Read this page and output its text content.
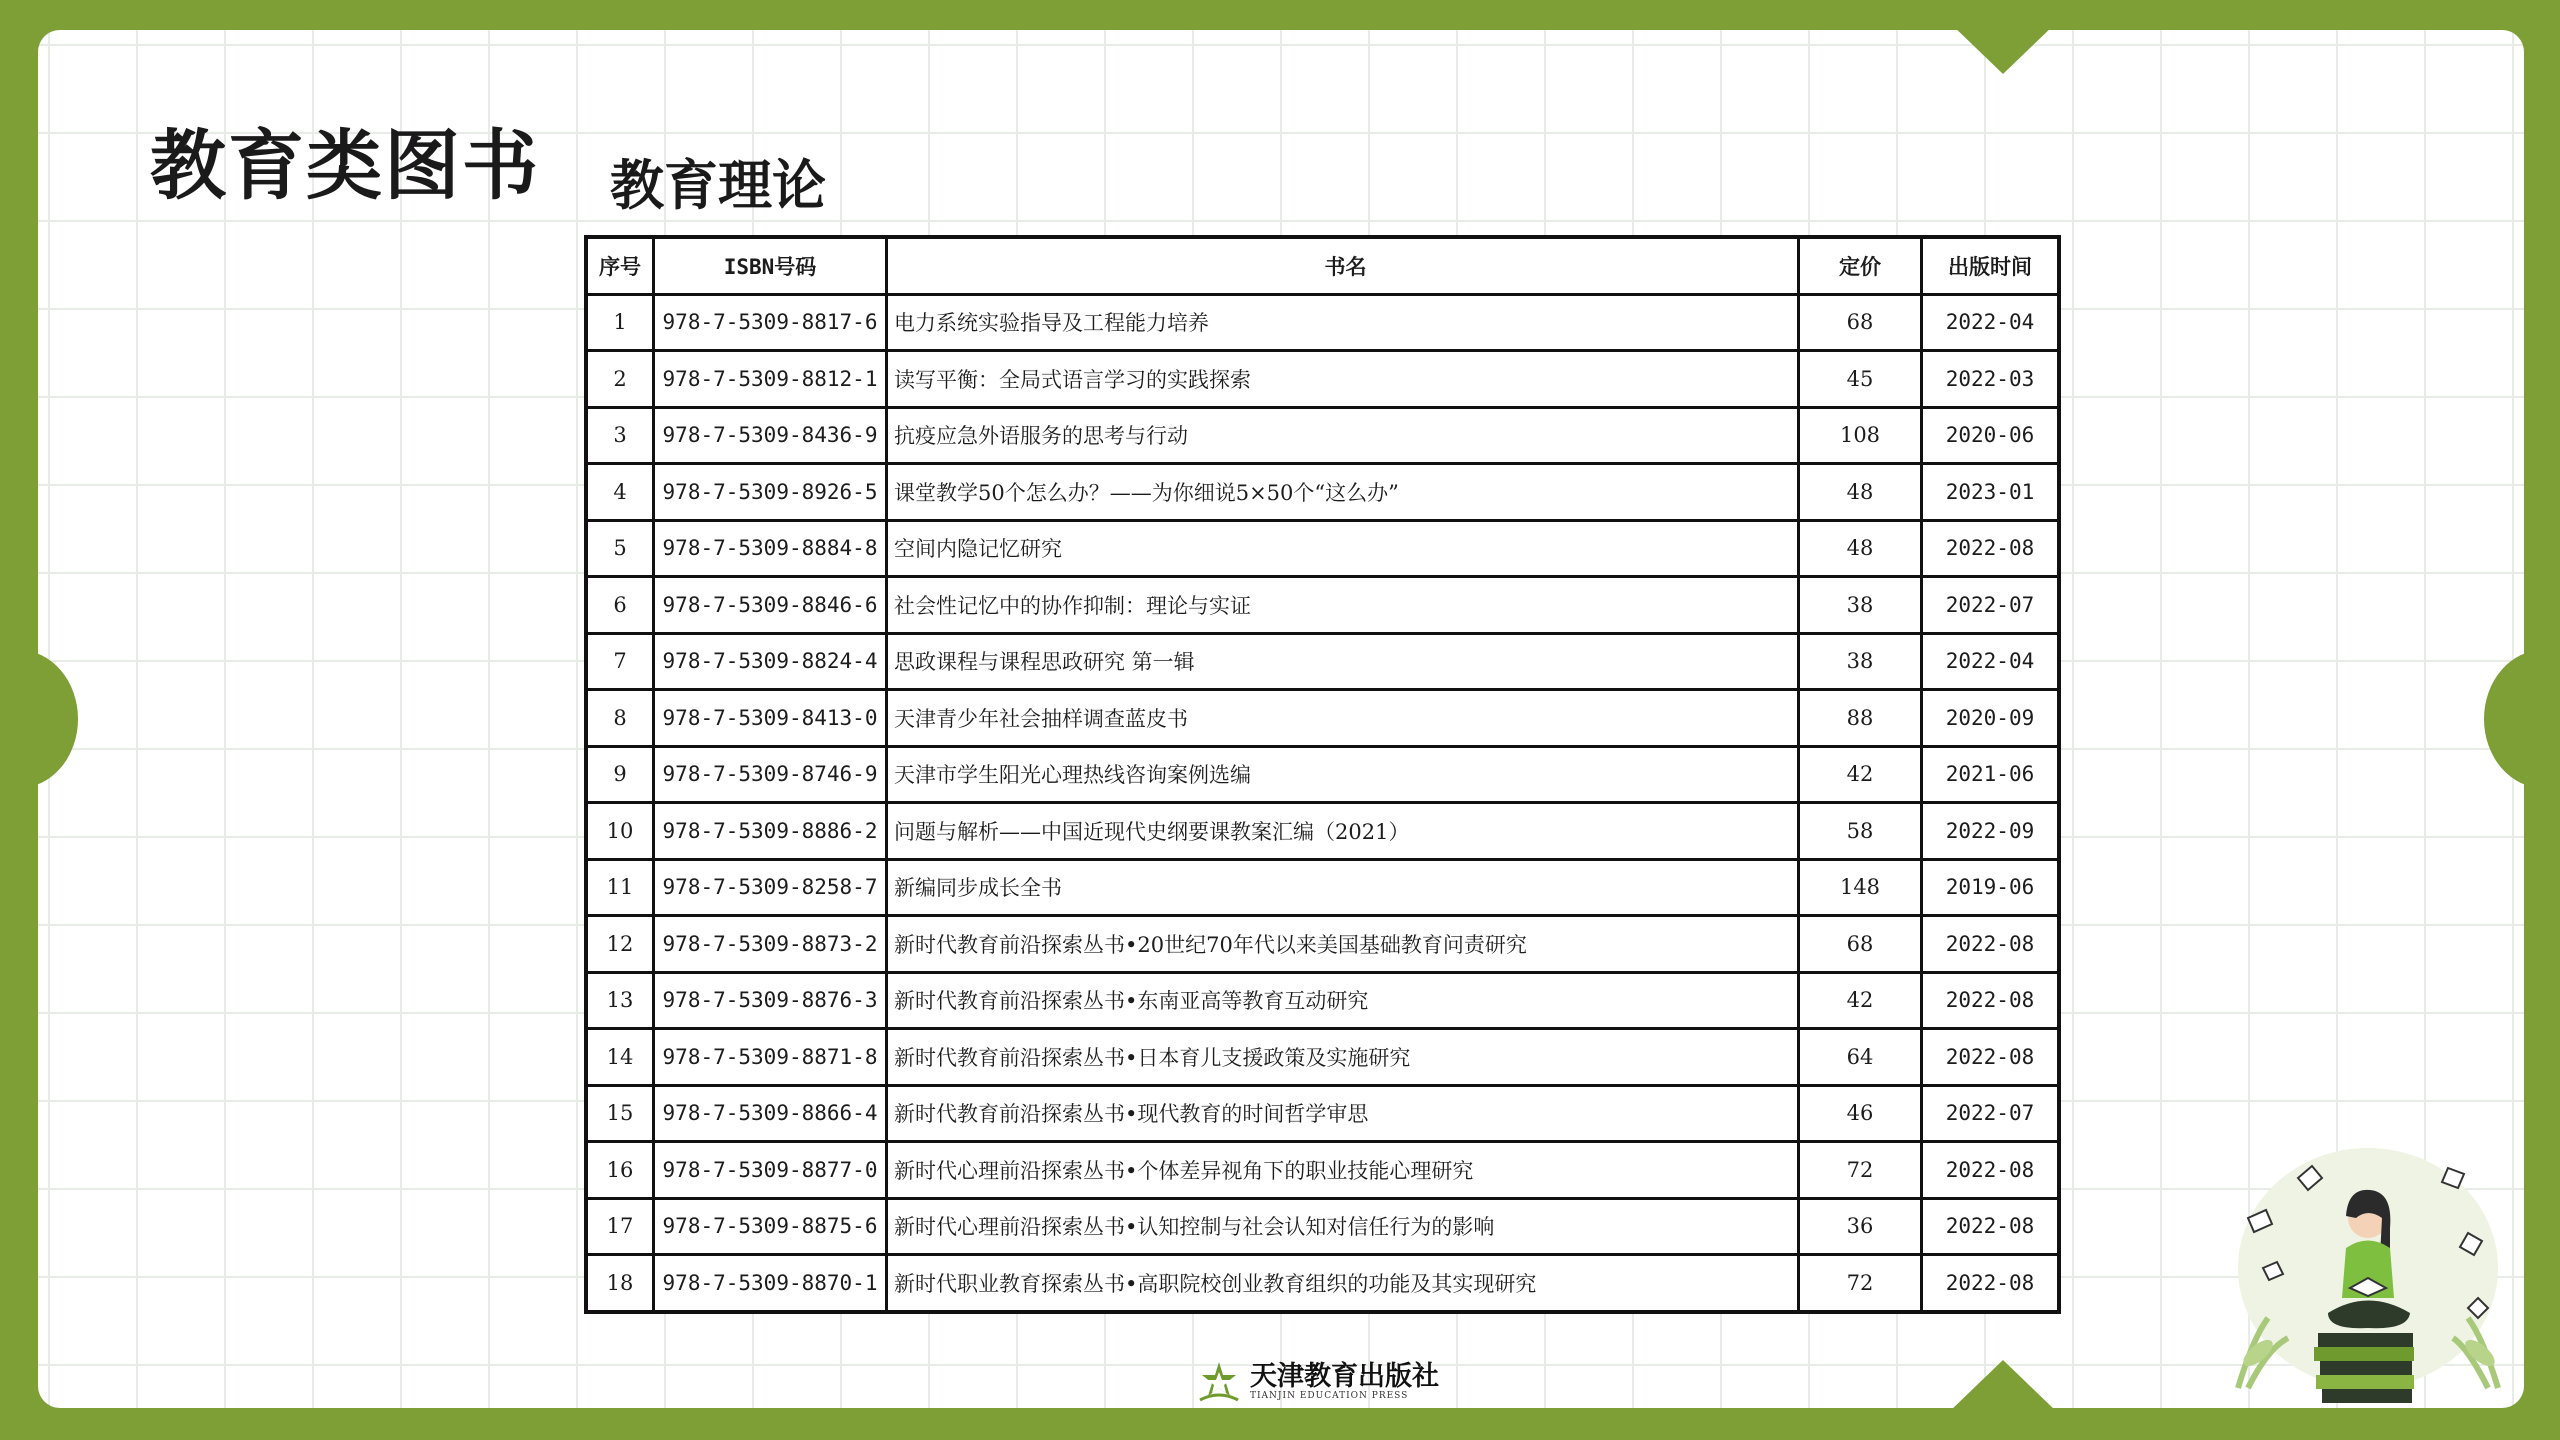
教育类图书 教育理论
序号	ISBN号码	书名	定价	出版时间
1	978-7-5309-8817-6	电力系统实验指导及工程能力培养	68	2022-04
2	978-7-5309-8812-1	读写平衡：全局式语言学习的实践探索	45	2022-03
3	978-7-5309-8436-9	抗疫应急外语服务的思考与行动	108	2020-06
4	978-7-5309-8926-5	课堂教学50个怎么办？——为你细说5×50个“这么办”	48	2023-01
5	978-7-5309-8884-8	空间内隐记忆研究	48	2022-08
6	978-7-5309-8846-6	社会性记忆中的协作抑制：理论与实证	38	2022-07
7	978-7-5309-8824-4	思政课程与课程思政研究 第一辑	38	2022-04
8	978-7-5309-8413-0	天津青少年社会抽样调查蓝皮书	88	2020-09
9	978-7-5309-8746-9	天津市学生阳光心理热线咨询案例选编	42	2021-06
10	978-7-5309-8886-2	问题与解析——中国近现代史纲要课教案汇编（2021）	58	2022-09
11	978-7-5309-8258-7	新编同步成长全书	148	2019-06
12	978-7-5309-8873-2	新时代教育前沿探索丛书•20世纪70年代以来美国基础教育问责研究	68	2022-08
13	978-7-5309-8876-3	新时代教育前沿探索丛书•东南亚高等教育互动研究	42	2022-08
14	978-7-5309-8871-8	新时代教育前沿探索丛书•日本育儿支援政策及实施研究	64	2022-08
15	978-7-5309-8866-4	新时代教育前沿探索丛书•现代教育的时间哲学审思	46	2022-07
16	978-7-5309-8877-0	新时代心理前沿探索丛书•个体差异视角下的职业技能心理研究	72	2022-08
17	978-7-5309-8875-6	新时代心理前沿探索丛书•认知控制与社会认知对信任行为的影响	36	2022-08
18	978-7-5309-8870-1	新时代职业教育探索丛书•高职院校创业教育组织的功能及其实现研究	72	2022-08
天津教育出版社
TIANJIN EDUCATION PRESS
